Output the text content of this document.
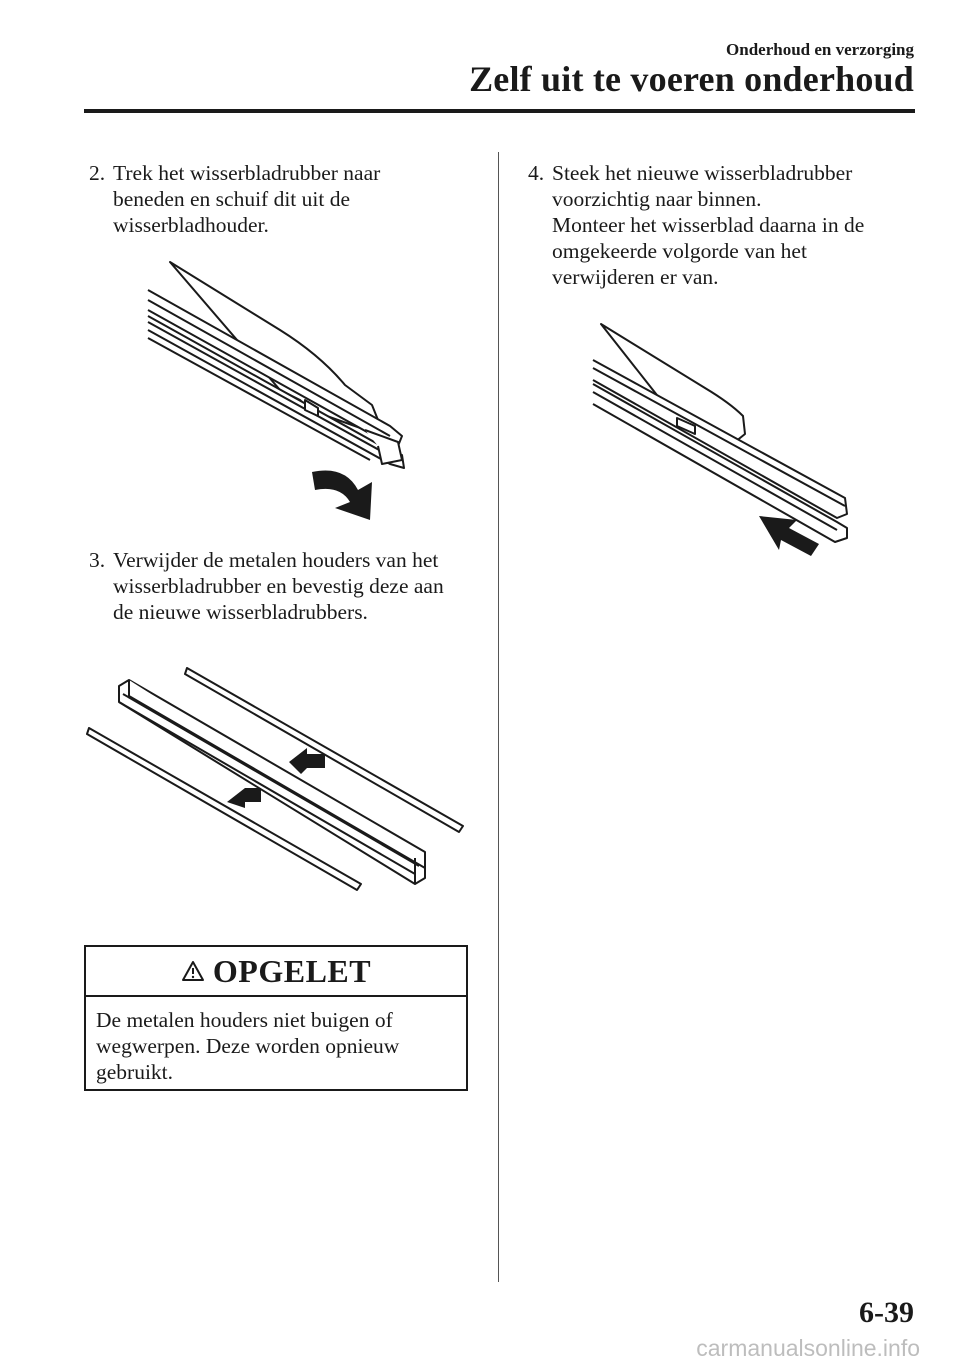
Onderhoud en verzorging
Zelf uit te voeren onderhoud
2. Trek het wisserbladrubber naar
beneden en schuif dit uit de
wisserbladhouder.
3. Verwijder de metalen houders van het
wisserbladrubber en bevestig deze aan
de nieuwe wisserbladrubbers.
OPGELET
De metalen houders niet buigen of
wegwerpen. Deze worden opnieuw
gebruikt.
4. Steek het nieuwe wisserbladrubber
voorzichtig naar binnen.
Monteer het wisserblad daarna in de
omgekeerde volgorde van het
verwijderen er van.
6-39
carmanualsonline.info
